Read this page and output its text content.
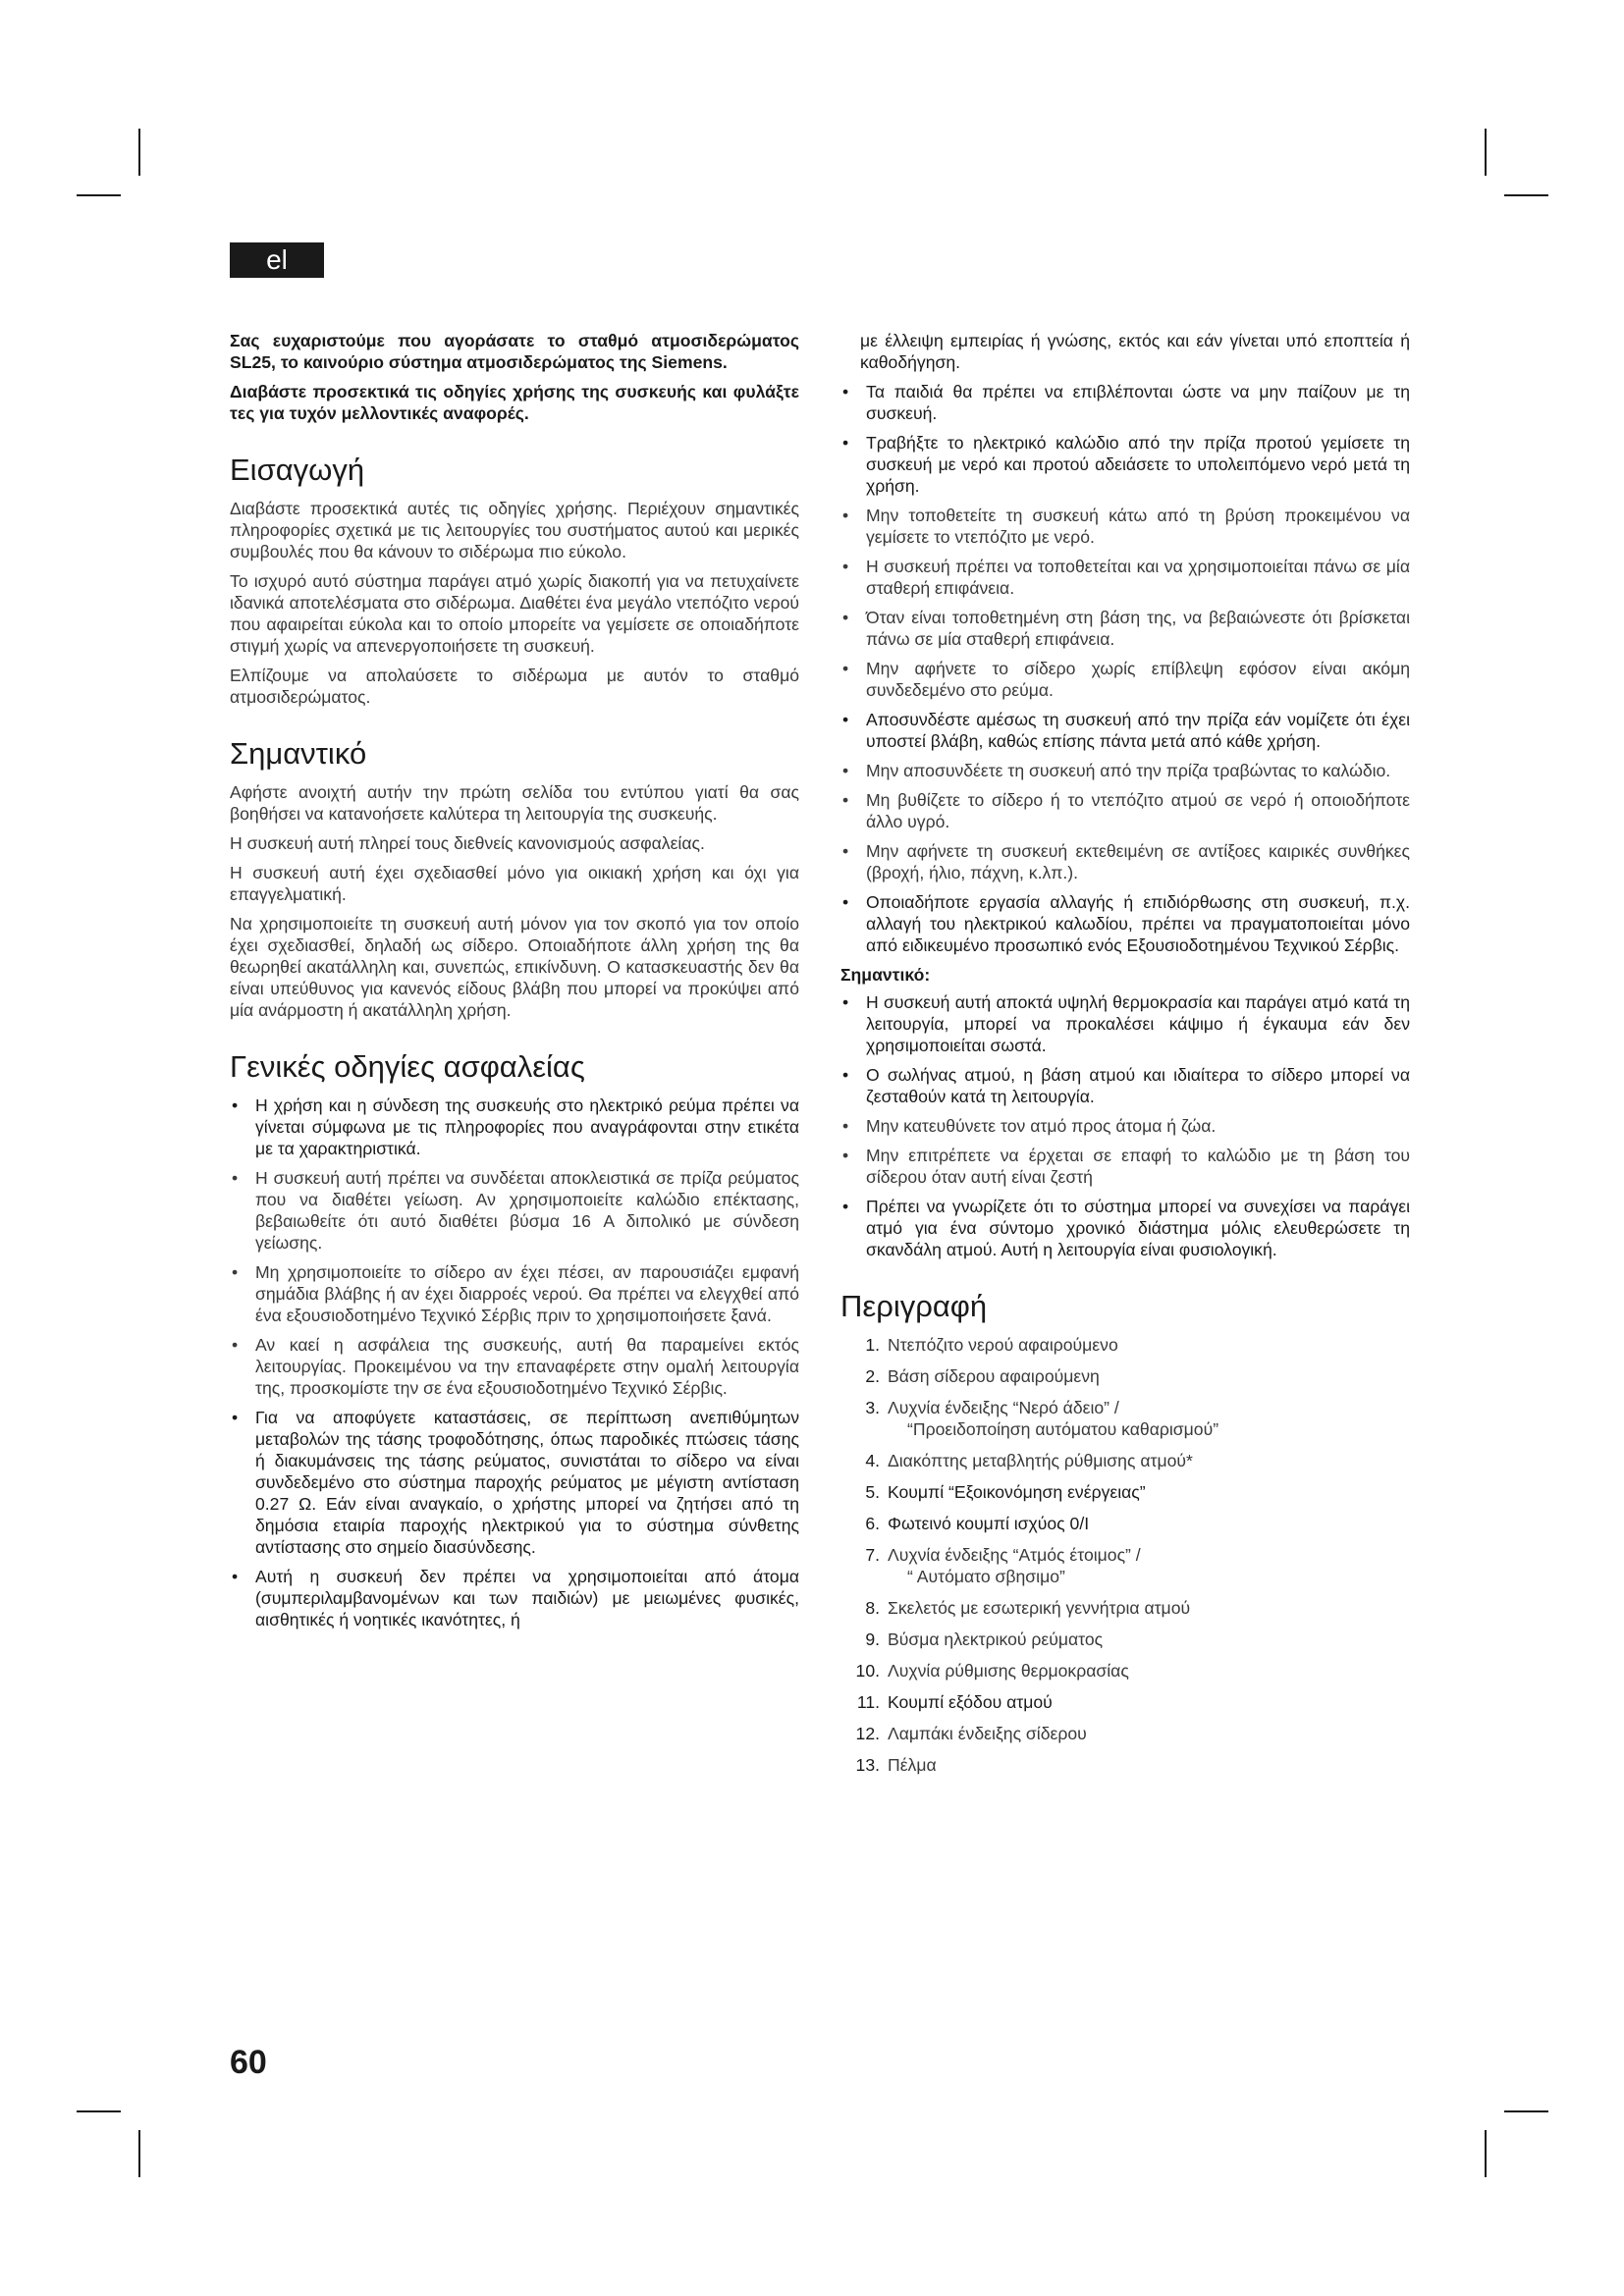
el

Σας ευχαριστούμε που αγοράσατε το σταθμό ατμοσιδερώματος SL25, το καινούριο σύστημα ατμοσιδερώματος της Siemens.

Διαβάστε προσεκτικά τις οδηγίες χρήσης της συσκευής και φυλάξτε τες για τυχόν μελλοντικές αναφορές.

Εισαγωγή

Διαβάστε προσεκτικά αυτές τις οδηγίες χρήσης. Περιέχουν σημαντικές πληροφορίες σχετικά με τις λειτουργίες του συστήματος αυτού και μερικές συμβουλές που θα κάνουν το σιδέρωμα πιο εύκολο.

Το ισχυρό αυτό σύστημα παράγει ατμό χωρίς διακοπή για να πετυχαίνετε ιδανικά αποτελέσματα στο σιδέρωμα. Διαθέτει ένα μεγάλο ντεπόζιτο νερού που αφαιρείται εύκολα και το οποίο μπορείτε να γεμίσετε σε οποιαδήποτε στιγμή χωρίς να απενεργοποιήσετε τη συσκευή.

Ελπίζουμε να απολαύσετε το σιδέρωμα με αυτόν το σταθμό ατμοσιδερώματος.

Σημαντικό

Αφήστε ανοιχτή αυτήν την πρώτη σελίδα του εντύπου γιατί θα σας βοηθήσει να κατανοήσετε καλύτερα τη λειτουργία της συσκευής.

Η συσκευή αυτή πληρεί τους διεθνείς κανονισμούς ασφαλείας.

Η συσκευή αυτή έχει σχεδιασθεί μόνο για οικιακή χρήση και όχι για επαγγελματική.

Να χρησιμοποιείτε τη συσκευή αυτή μόνον για τον σκοπό για τον οποίο έχει σχεδιασθεί, δηλαδή ως σίδερο. Οποιαδήποτε άλλη χρήση της θα θεωρηθεί ακατάλληλη και, συνεπώς, επικίνδυνη. Ο κατασκευαστής δεν θα είναι υπεύθυνος για κανενός είδους βλάβη που μπορεί να προκύψει από μία ανάρμοστη ή ακατάλληλη χρήση.

Γενικές οδηγίες ασφαλείας
• Η χρήση και η σύνδεση της συσκευής στο ηλεκτρικό ρεύμα πρέπει να γίνεται σύμφωνα με τις πληροφορίες που αναγράφονται στην ετικέτα με τα χαρακτηριστικά.
• Η συσκευή αυτή πρέπει να συνδέεται αποκλειστικά σε πρίζα ρεύματος που να διαθέτει γείωση. Αν χρησιμοποιείτε καλώδιο επέκτασης, βεβαιωθείτε ότι αυτό διαθέτει βύσμα 16 A διπολικό με σύνδεση γείωσης.
• Μη χρησιμοποιείτε το σίδερο αν έχει πέσει, αν παρουσιάζει εμφανή σημάδια βλάβης ή αν έχει διαρροές νερού. Θα πρέπει να ελεγχθεί από ένα εξουσιοδοτημένο Τεχνικό Σέρβις πριν το χρησιμοποιήσετε ξανά.
• Αν καεί η ασφάλεια της συσκευής, αυτή θα παραμείνει εκτός λειτουργίας. Προκειμένου να την επαναφέρετε στην ομαλή λειτουργία της, προσκομίστε την σε ένα εξουσιοδοτημένο Τεχνικό Σέρβις.
• Για να αποφύγετε καταστάσεις, σε περίπτωση ανεπιθύμητων μεταβολών της τάσης τροφοδότησης, όπως παροδικές πτώσεις τάσης ή διακυμάνσεις της τάσης ρεύματος, συνιστάται το σίδερο να είναι συνδεδεμένο στο σύστημα παροχής ρεύματος με μέγιστη αντίσταση 0.27 Ω. Εάν είναι αναγκαίο, ο χρήστης μπορεί να ζητήσει από τη δημόσια εταιρία παροχής ηλεκτρικού για το σύστημα σύνθετης αντίστασης στο σημείο διασύνδεσης.
• Αυτή η συσκευή δεν πρέπει να χρησιμοποιείται από άτομα (συμπεριλαμβανομένων και των παιδιών) με μειωμένες φυσικές, αισθητικές ή νοητικές ικανότητες, ή

με έλλειψη εμπειρίας ή γνώσης, εκτός και εάν γίνεται υπό εποπτεία ή καθοδήγηση.

• Τα παιδιά θα πρέπει να επιβλέπονται ώστε να μην παίζουν με τη συσκευή.
• Τραβήξτε το ηλεκτρικό καλώδιο από την πρίζα προτού γεμίσετε τη συσκευή με νερό και προτού αδειάσετε το υπολειπόμενο νερό μετά τη χρήση.
• Μην τοποθετείτε τη συσκευή κάτω από τη βρύση προκειμένου να γεμίσετε το ντεπόζιτο με νερό.
• Η συσκευή πρέπει να τοποθετείται και να χρησιμοποιείται πάνω σε μία σταθερή επιφάνεια.
• Όταν είναι τοποθετημένη στη βάση της, να βεβαιώνεστε ότι βρίσκεται πάνω σε μία σταθερή επιφάνεια.
• Μην αφήνετε το σίδερο χωρίς επίβλεψη εφόσον είναι ακόμη συνδεδεμένο στο ρεύμα.
• Αποσυνδέστε αμέσως τη συσκευή από την πρίζα εάν νομίζετε ότι έχει υποστεί βλάβη, καθώς επίσης πάντα μετά από κάθε χρήση.
• Μην αποσυνδέετε τη συσκευή από την πρίζα τραβώντας το καλώδιο.
• Μη βυθίζετε το σίδερο ή το ντεπόζιτο ατμού σε νερό ή οποιοδήποτε άλλο υγρό.
• Μην αφήνετε τη συσκευή εκτεθειμένη σε αντίξοες καιρικές συνθήκες (βροχή, ήλιο, πάχνη, κ.λπ.).
• Οποιαδήποτε εργασία αλλαγής ή επιδιόρθωσης στη συσκευή, π.χ. αλλαγή του ηλεκτρικού καλωδίου, πρέπει να πραγματοποιείται μόνο από ειδικευμένο προσωπικό ενός Εξουσιοδοτημένου Τεχνικού Σέρβις.
Σημαντικό:
• Η συσκευή αυτή αποκτά υψηλή θερμοκρασία και παράγει ατμό κατά τη λειτουργία, μπορεί να προκαλέσει κάψιμο ή έγκαυμα εάν δεν χρησιμοποιείται σωστά.
• Ο σωλήνας ατμού, η βάση ατμού και ιδιαίτερα το σίδερο μπορεί να ζεσταθούν κατά τη λειτουργία.
• Μην κατευθύνετε τον ατμό προς άτομα ή ζώα.
• Μην επιτρέπετε να έρχεται σε επαφή το καλώδιο με τη βάση του σίδερου όταν αυτή είναι ζεστή
• Πρέπει να γνωρίζετε ότι το σύστημα μπορεί να συνεχίσει να παράγει ατμό για ένα σύντομο χρονικό διάστημα μόλις ελευθερώσετε τη σκανδάλη ατμού. Αυτή η λειτουργία είναι φυσιολογική.
Περιγραφή
1. Ντεπόζιτο νερού αφαιρούμενο
2. Βάση σίδερου αφαιρούμενη
3. Λυχνία ένδειξης “Νερό άδειο” /

“Προειδοποίηση αυτόματου καθαρισμού”
4. Διακόπτης μεταβλητής ρύθμισης ατμού*
5. Κουμπί “Εξοικονόμηση ενέργειας”
6. Φωτεινό κουμπί ισχύος 0/I
7. Λυχνία ένδειξης “Ατμός έτοιμος” /

“ Αυτόματο σβησιμο”
8. Σκελετός με εσωτερική γεννήτρια ατμού
9. Βύσμα ηλεκτρικού ρεύματος
10. Λυχνία ρύθμισης θερμοκρασίας
11. Κουμπί εξόδου ατμού
12. Λαμπάκι ένδειξης σίδερου
13. Πέλμα
60
